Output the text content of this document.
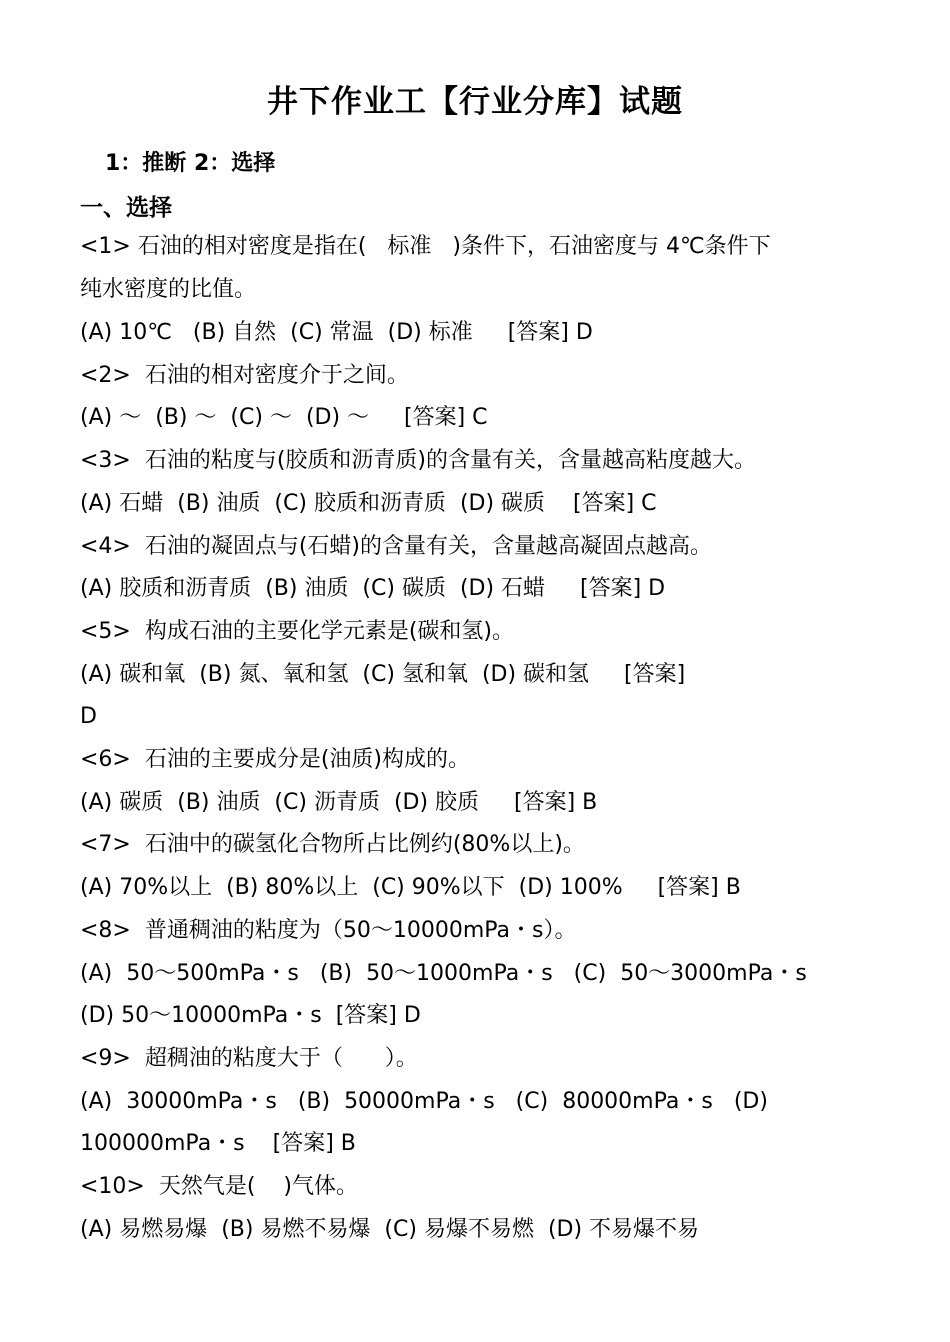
井下作业工【行业分库】试题
1：推断 2：选择
一、选择
<1> 石油的相对密度是指在(   标准   )条件下，石油密度与 4℃条件下
纯水密度的比值。
(A) 10℃   (B) 自然  (C) 常温  (D) 标准     [答案] D
<2>  石油的相对密度介于之间。
(A) ～  (B) ～  (C) ～  (D) ～     [答案] C
<3>  石油的粘度与(胶质和沥青质)的含量有关，含量越高粘度越大。
(A) 石蜡  (B) 油质  (C) 胶质和沥青质  (D) 碳质    [答案] C
<4>  石油的凝固点与(石蜡)的含量有关，含量越高凝固点越高。
(A) 胶质和沥青质  (B) 油质  (C) 碳质  (D) 石蜡     [答案] D
<5>  构成石油的主要化学元素是(碳和氢)。
(A) 碳和氧  (B) 氮、氧和氢  (C) 氢和氧  (D) 碳和氢     [答案]
D
<6>  石油的主要成分是(油质)构成的。
(A) 碳质  (B) 油质  (C) 沥青质  (D) 胶质     [答案] B
<7>  石油中的碳氢化合物所占比例约(80%以上)。
(A) 70%以上  (B) 80%以上  (C) 90%以下  (D) 100%     [答案] B
<8>  普通稠油的粘度为（50～10000mPa・s）。
(A)  50～500mPa・s   (B)  50～1000mPa・s   (C)  50～3000mPa・s
(D) 50～10000mPa・s  [答案] D
<9>  超稠油的粘度大于（      ）。
(A)  30000mPa・s   (B)  50000mPa・s   (C)  80000mPa・s   (D)
100000mPa・s    [答案] B
<10>  天然气是(    )气体。
(A) 易燃易爆  (B) 易燃不易爆  (C) 易爆不易燃  (D) 不易爆不易
